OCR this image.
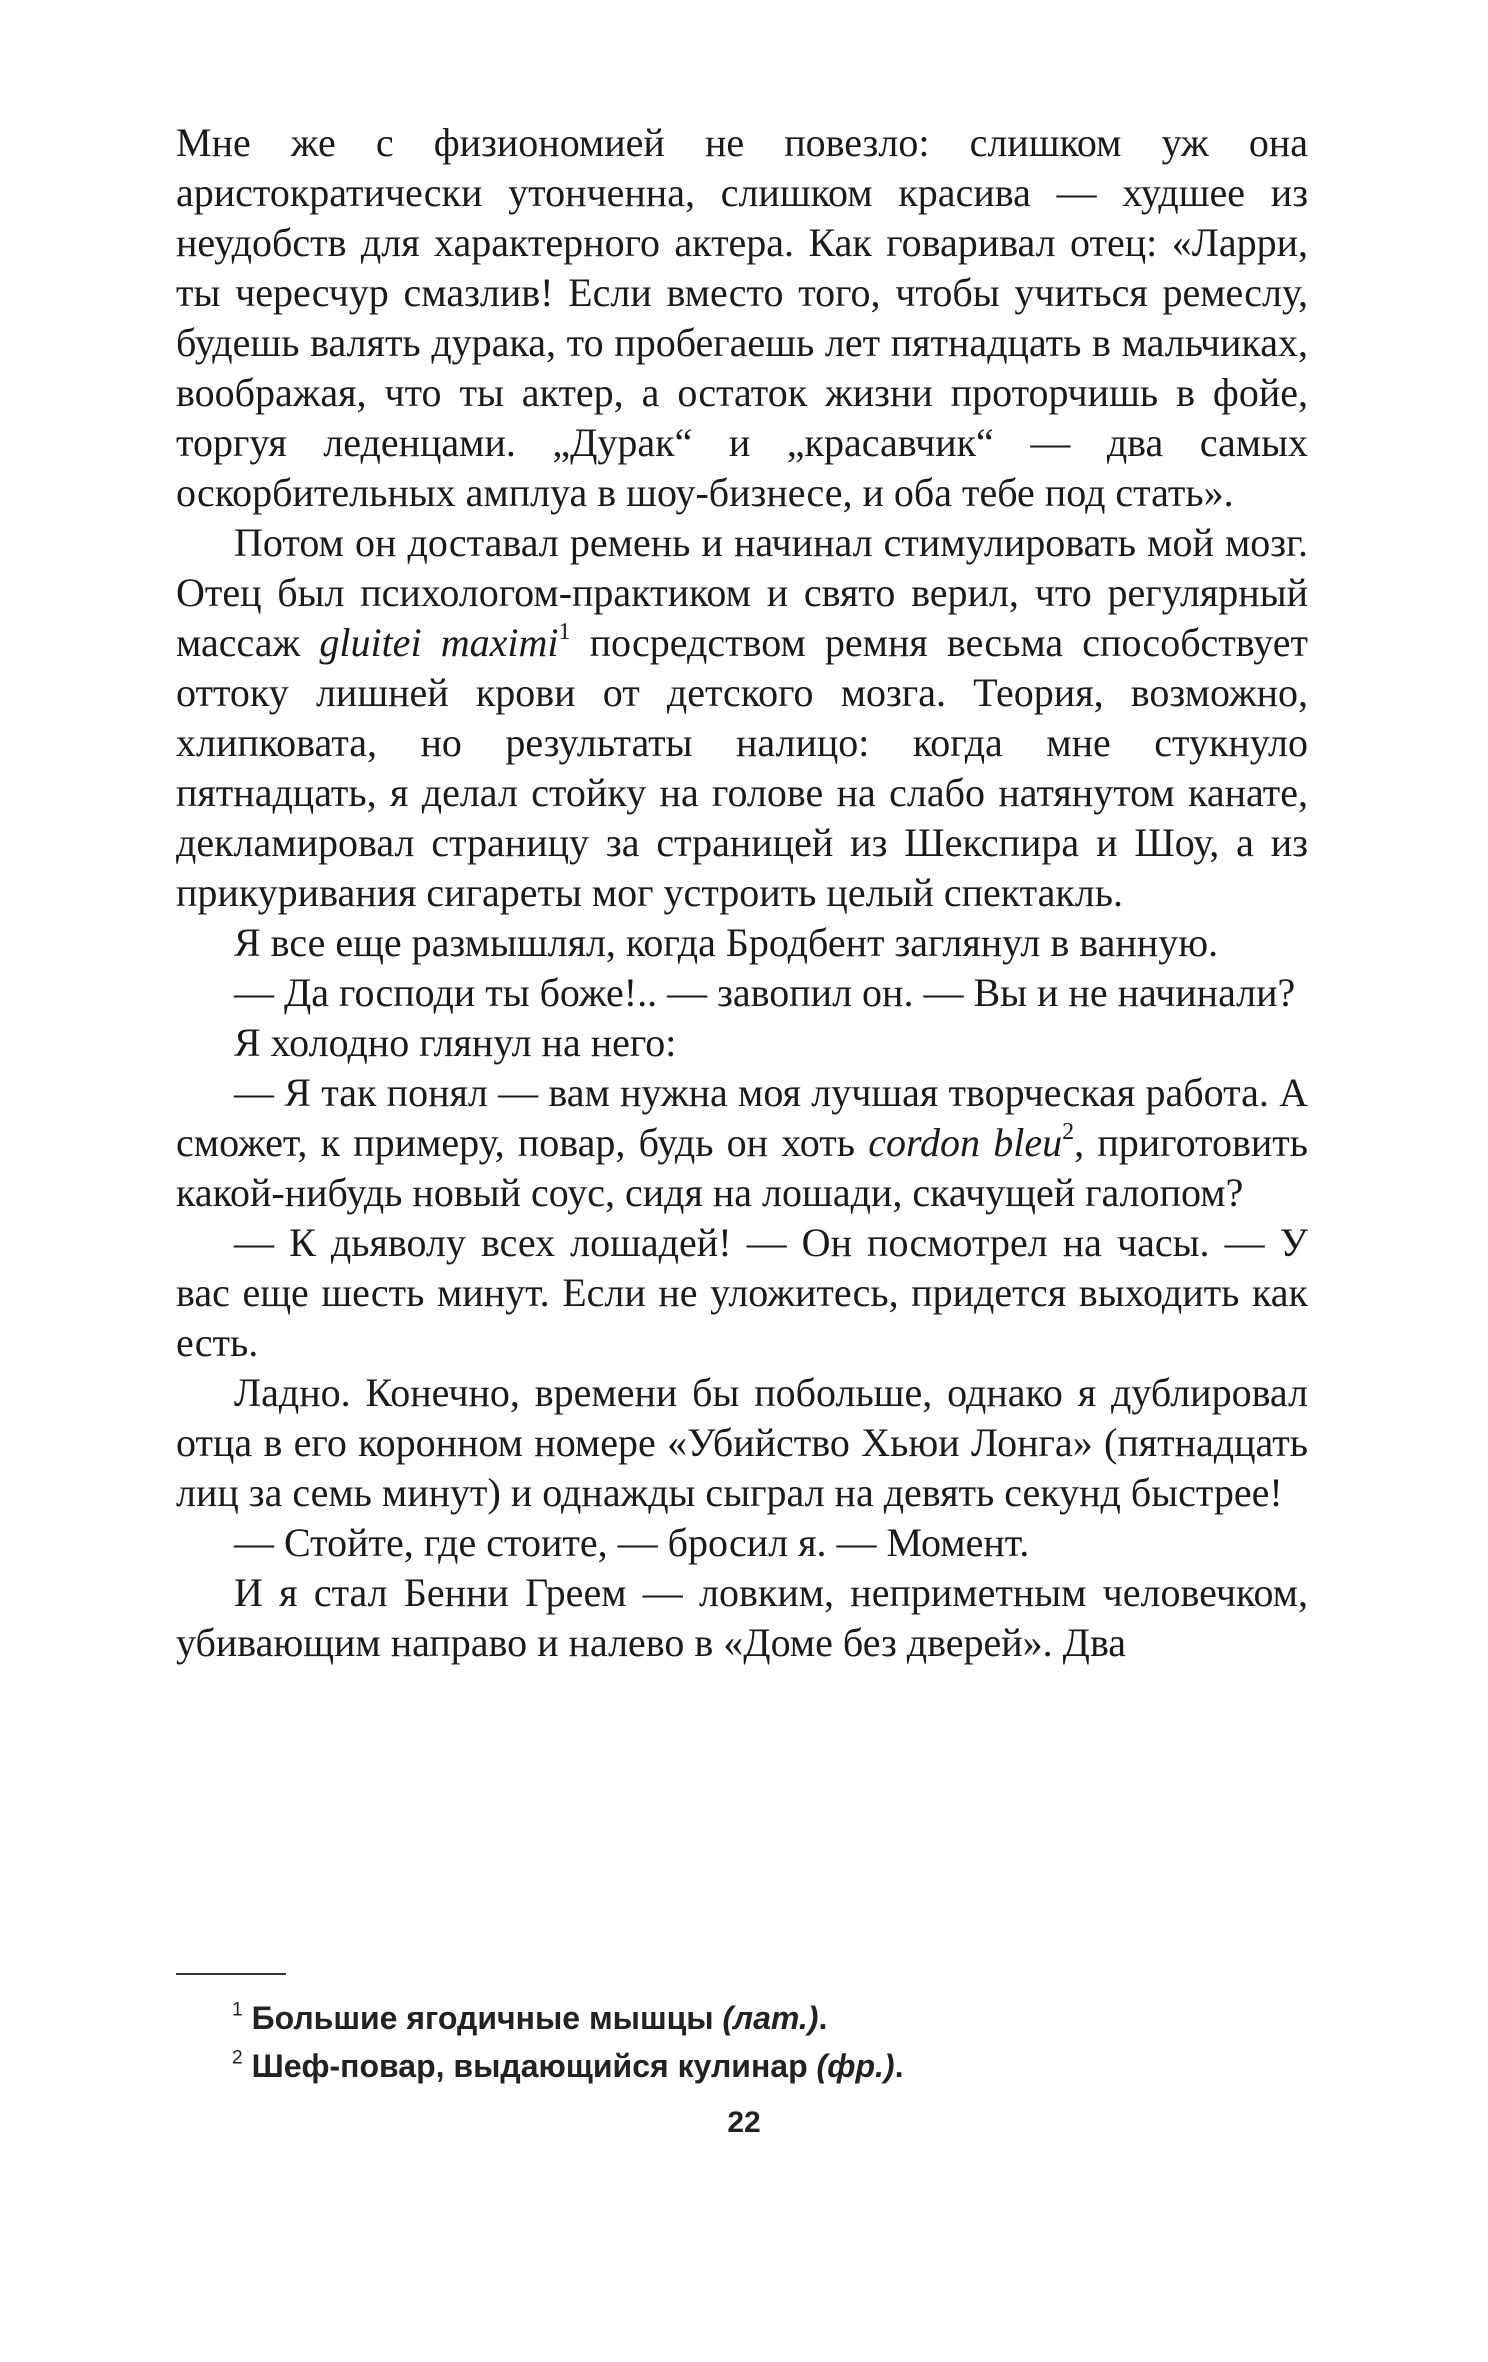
Мне же с физиономией не повезло: слишком уж она аристократически утонченна, слишком красива — худшее из неудобств для характерного актера. Как говаривал отец: «Ларри, ты чересчур смазлив! Если вместо того, чтобы учиться ремеслу, будешь валять дурака, то пробегаешь лет пятнадцать в мальчиках, воображая, что ты актер, а остаток жизни проторчишь в фойе, торгуя леденцами. „Дурак“ и „красавчик“ — два самых оскорбительных амплуа в шоу-бизнесе, и оба тебе под стать».

Потом он доставал ремень и начинал стимулировать мой мозг. Отец был психологом-практиком и свято верил, что регулярный массаж gluitei maximi$^1$ посредством ремня весьма способствует оттоку лишней крови от детского мозга. Теория, возможно, хлипковата, но результаты налицо: когда мне стукнуло пятнадцать, я делал стойку на голове на слабо натянутом канате, декламировал страницу за страницей из Шекспира и Шоу, а из прикуривания сигареты мог устроить целый спектакль.

Я все еще размышлял, когда Бродбент заглянул в ванную.

— Да господи ты боже!.. — завопил он. — Вы и не начинали?

Я холодно глянул на него:

— Я так понял — вам нужна моя лучшая творческая работа. А сможет, к примеру, повар, будь он хоть cordon bleu$^2$, приготовить какой-нибудь новый соус, сидя на лошади, скачущей галопом?

— К дьяволу всех лошадей! — Он посмотрел на часы. — У вас еще шесть минут. Если не уложитесь, придется выходить как есть.

Ладно. Конечно, времени бы побольше, однако я дублировал отца в его коронном номере «Убийство Хьюи Лонга» (пятнадцать лиц за семь минут) и однажды сыграл на девять секунд быстрее!

— Стойте, где стоите, — бросил я. — Момент.

И я стал Бенни Греем — ловким, неприметным человечком, убивающим направо и налево в «Доме без дверей». Два

$^1$ Большие ягодичные мышцы (лат.).

$^2$ Шеф-повар, выдающийся кулинар (фр.).

22
